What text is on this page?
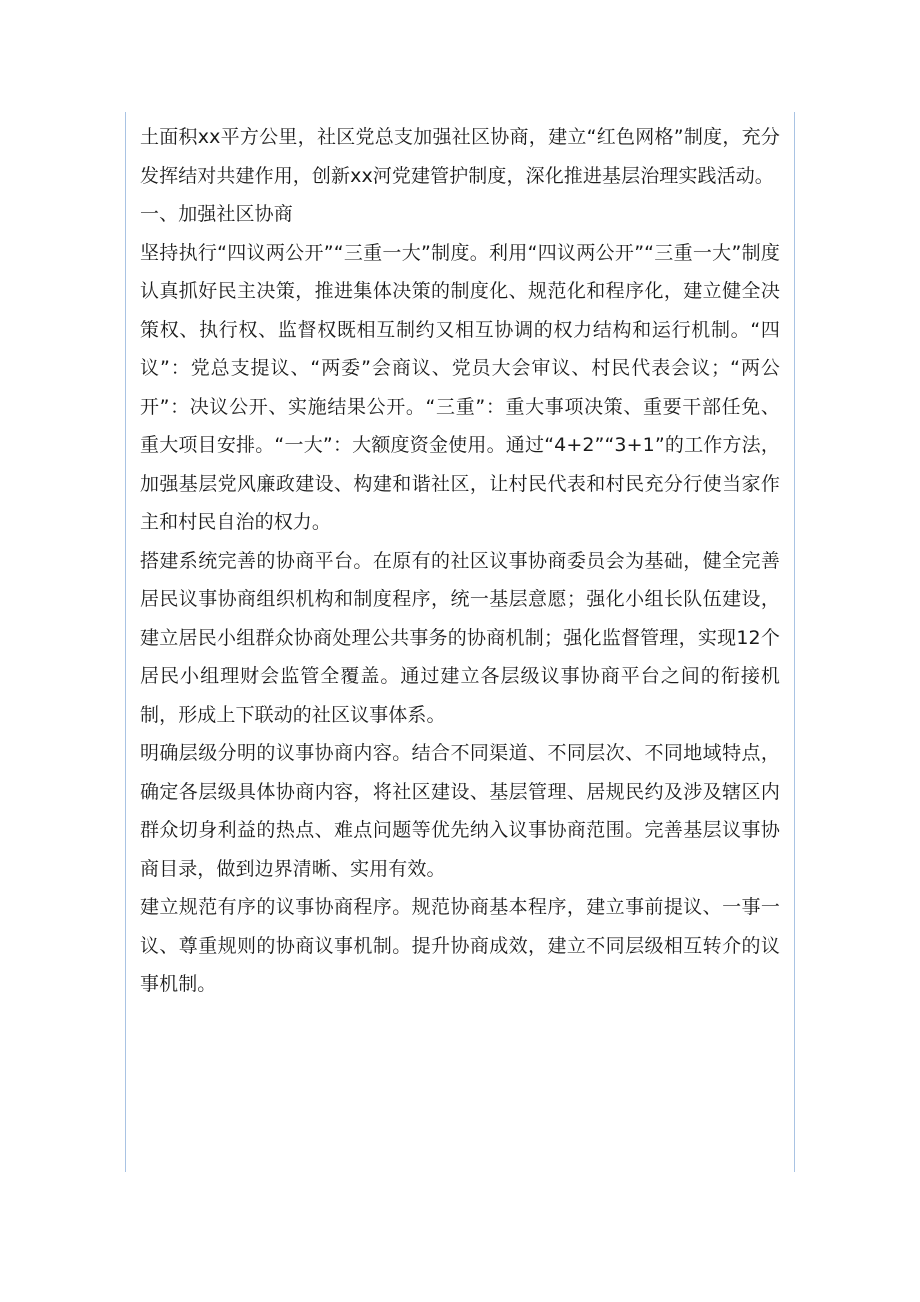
土面积xx平方公里，社区党总支加强社区协商，建立“红色网格”制度，充分发挥结对共建作用，创新xx河党建管护制度，深化推进基层治理实践活动。

一、加强社区协商

坚持执行“四议两公开”“三重一大”制度。利用“四议两公开”“三重一大”制度认真抓好民主决策，推进集体决策的制度化、规范化和程序化，建立健全决策权、执行权、监督权既相互制约又相互协调的权力结构和运行机制。“四议”：党总支提议、“两委”会商议、党员大会审议、村民代表会议；“两公开”：决议公开、实施结果公开。“三重”：重大事项决策、重要干部任免、重大项目安排。“一大”：大额度资金使用。通过“4+2”“3+1”的工作方法，加强基层党风廉政建设、构建和谐社区，让村民代表和村民充分行使当家作主和村民自治的权力。

搭建系统完善的协商平台。在原有的社区议事协商委员会为基础，健全完善居民议事协商组织机构和制度程序，统一基层意愿；强化小组长队伍建设，建立居民小组群众协商处理公共事务的协商机制；强化监督管理，实现12个居民小组理财会监管全覆盖。通过建立各层级议事协商平台之间的衔接机制，形成上下联动的社区议事体系。

明确层级分明的议事协商内容。结合不同渠道、不同层次、不同地域特点，确定各层级具体协商内容，将社区建设、基层管理、居规民约及涉及辖区内群众切身利益的热点、难点问题等优先纳入议事协商范围。完善基层议事协商目录，做到边界清晰、实用有效。

建立规范有序的议事协商程序。规范协商基本程序，建立事前提议、一事一议、尊重规则的协商议事机制。提升协商成效，建立不同层级相互转介的议事机制。
